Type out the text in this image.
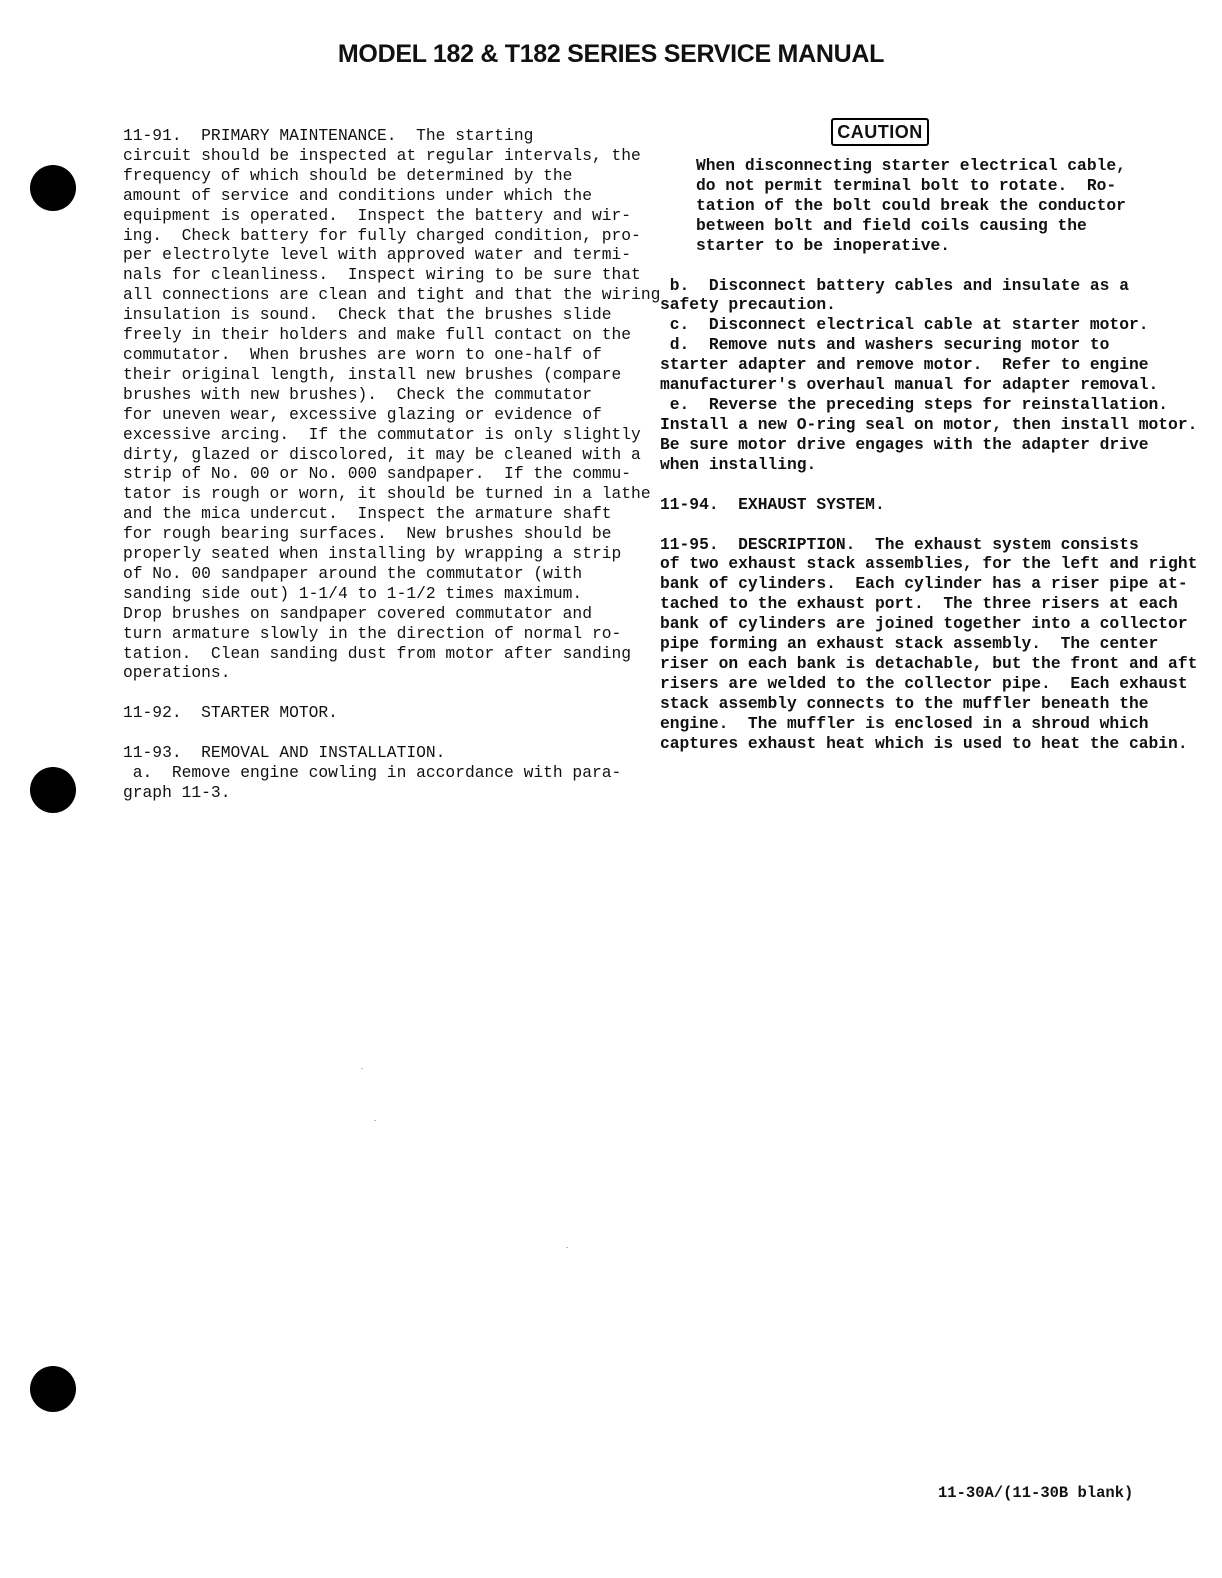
MODEL 182 & T182 SERIES SERVICE MANUAL

11-91.  PRIMARY MAINTENANCE.  The starting
circuit should be inspected at regular intervals, the
frequency of which should be determined by the
amount of service and conditions under which the
equipment is operated.  Inspect the battery and wir-
ing.  Check battery for fully charged condition, pro-
per electrolyte level with approved water and termi-
nals for cleanliness.  Inspect wiring to be sure that
all connections are clean and tight and that the wiring
insulation is sound.  Check that the brushes slide
freely in their holders and make full contact on the
commutator.  When brushes are worn to one-half of
their original length, install new brushes (compare
brushes with new brushes).  Check the commutator
for uneven wear, excessive glazing or evidence of
excessive arcing.  If the commutator is only slightly
dirty, glazed or discolored, it may be cleaned with a
strip of No. 00 or No. 000 sandpaper.  If the commu-
tator is rough or worn, it should be turned in a lathe
and the mica undercut.  Inspect the armature shaft
for rough bearing surfaces.  New brushes should be
properly seated when installing by wrapping a strip
of No. 00 sandpaper around the commutator (with
sanding side out) 1-1/4 to 1-1/2 times maximum.
Drop brushes on sandpaper covered commutator and
turn armature slowly in the direction of normal ro-
tation.  Clean sanding dust from motor after sanding
operations.

11-92.  STARTER MOTOR.

11-93.  REMOVAL AND INSTALLATION.
a.  Remove engine cowling in accordance with para-
graph 11-3.

CAUTION

When disconnecting starter electrical cable,
do not permit terminal bolt to rotate.  Ro-
tation of the bolt could break the conductor
between bolt and field coils causing the
starter to be inoperative.

b.  Disconnect battery cables and insulate as a
safety precaution.
c.  Disconnect electrical cable at starter motor.
d.  Remove nuts and washers securing motor to
starter adapter and remove motor.  Refer to engine
manufacturer's overhaul manual for adapter removal.
e.  Reverse the preceding steps for reinstallation.
Install a new O-ring seal on motor, then install motor.
Be sure motor drive engages with the adapter drive
when installing.

11-94.  EXHAUST SYSTEM.

11-95.  DESCRIPTION.  The exhaust system consists
of two exhaust stack assemblies, for the left and right
bank of cylinders.  Each cylinder has a riser pipe at-
tached to the exhaust port.  The three risers at each
bank of cylinders are joined together into a collector
pipe forming an exhaust stack assembly.  The center
riser on each bank is detachable, but the front and aft
risers are welded to the collector pipe.  Each exhaust
stack assembly connects to the muffler beneath the
engine.  The muffler is enclosed in a shroud which
captures exhaust heat which is used to heat the cabin.

11-30A/(11-30B blank)
